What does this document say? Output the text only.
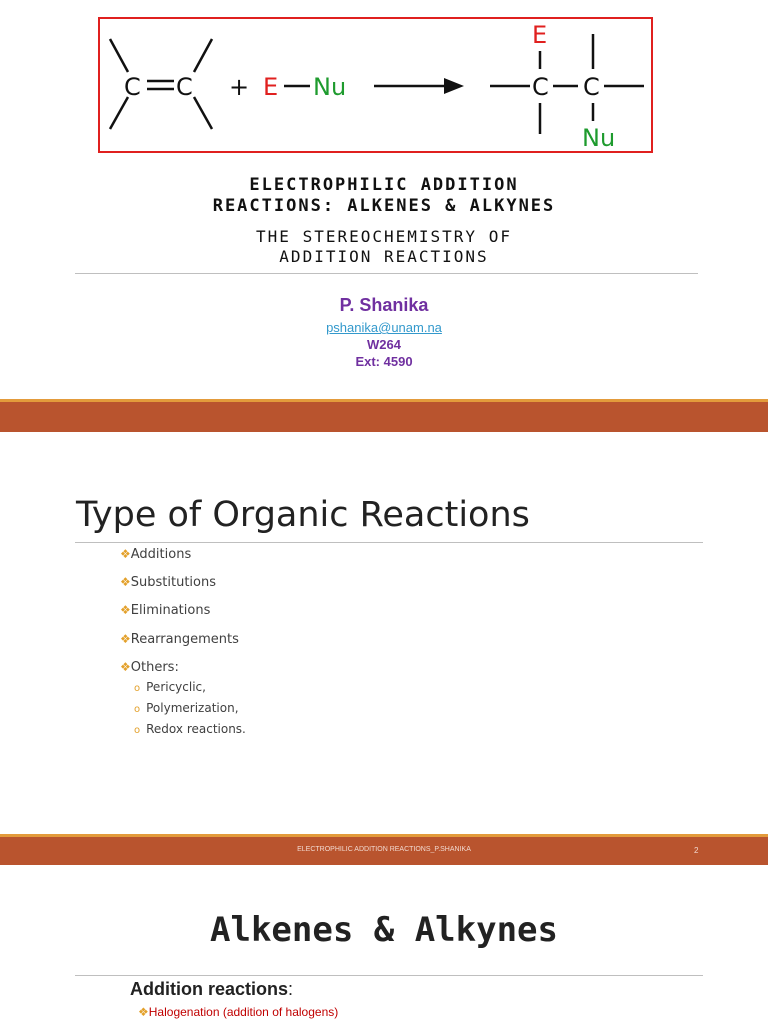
C C + E Nu	C C
E
Nu
ELECTROPHILIC ADDITION
REACTIONS: ALKENES & ALKYNES
THE STEREOCHEMISTRY OF
ADDITION REACTIONS
P. Shanika
pshanika@unam.na
W264
Ext: 4590
Type of Organic Reactions
❖Additions
❖Substitutions
❖Eliminations
❖Rearrangements
❖Others:
o Pericyclic,
o Polymerization,
o Redox reactions.
ELECTROPHILIC ADDITION REACTIONS_P.SHANIKA	2
Alkenes & Alkynes
Addition reactions:
❖Halogenation (addition of halogens)
